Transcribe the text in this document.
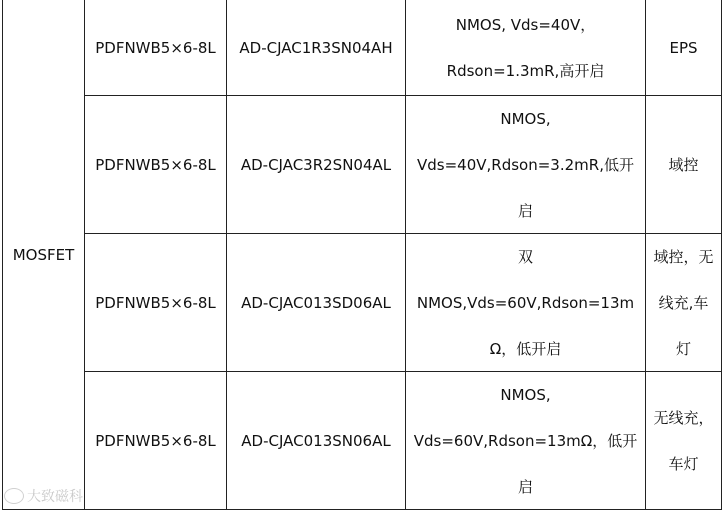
MOSFET
PDFNWB5×6-8L AD-CJAC1R3SN04AH
NMOS, Vds=40V，
Rdson=1.3mR,高开启
EPS
PDFNWB5×6-8L AD-CJAC3R2SN04AL
NMOS,
Vds=40V,Rdson=3.2mR,低开
启
域控
PDFNWB5×6-8L AD-CJAC013SD06AL
双
NMOS,Vds=60V,Rdson=13m
Ω，低开启
域控，无
线充,车
灯
PDFNWB5×6-8L AD-CJAC013SN06AL
NMOS,
Vds=60V,Rdson=13mΩ，低开
启
无线充，
车灯
大致磁科
